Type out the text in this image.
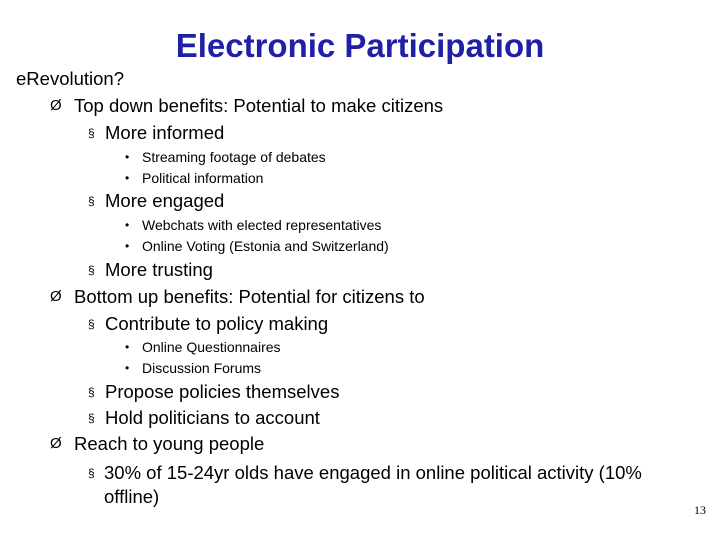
Electronic Participation
eRevolution?
Ø Top down benefits: Potential to make citizens
§ More informed
• Streaming footage of debates
• Political information
§ More engaged
• Webchats with elected representatives
• Online Voting (Estonia and Switzerland)
§ More trusting
Ø Bottom up benefits: Potential for citizens to
§ Contribute to policy making
• Online Questionnaires
• Discussion Forums
§ Propose policies themselves
§ Hold politicians to account
Ø Reach to young people
§ 30% of 15-24yr olds have engaged in online political activity (10% offline)
13
